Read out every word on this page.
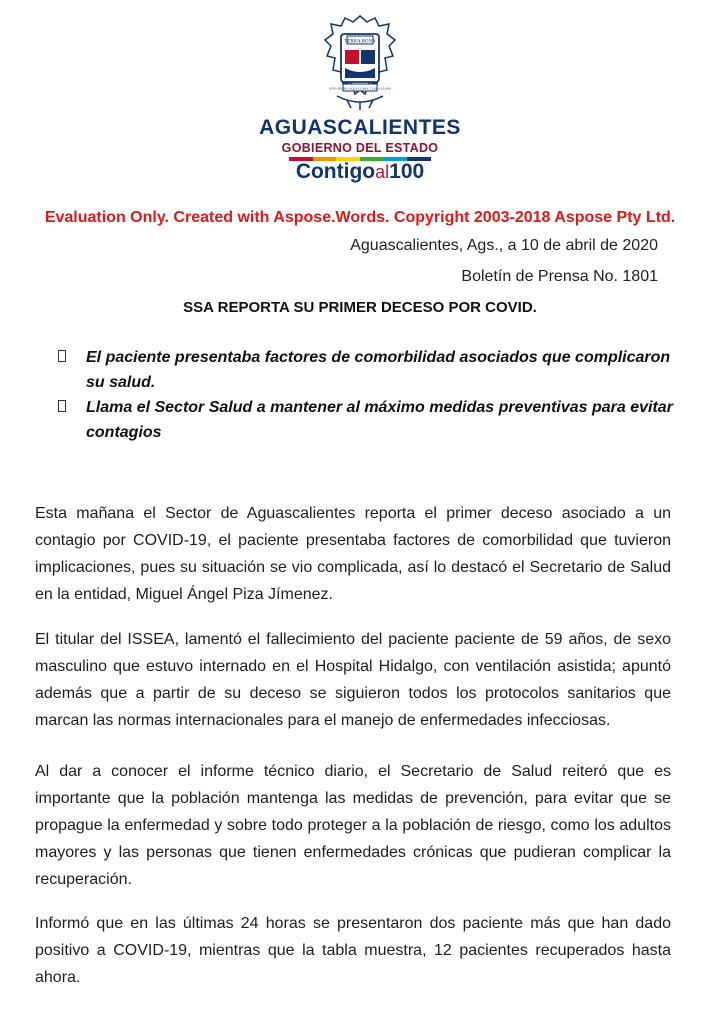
TERRA BONA
GENS PROBA, AQUA CLARA, CLARA CLARA
AGUASCALIENTES
GOBIERNO DEL ESTADO
Contigoal100
Evaluation Only. Created with Aspose.Words. Copyright 2003-2018 Aspose Pty Ltd.
Aguascalientes, Ags., a 10 de abril de 2020
Boletín de Prensa No. 1801
SSA REPORTA SU PRIMER DECESO POR COVID.
El paciente presentaba factores de comorbilidad asociados que complicaron su salud.
Llama el Sector Salud a mantener al máximo medidas preventivas para evitar contagios
Esta mañana el Sector de Aguascalientes reporta el primer deceso asociado a un contagio por COVID-19, el paciente presentaba factores de comorbilidad que tuvieron implicaciones, pues su situación se vio complicada, así lo destacó el Secretario de Salud en la entidad, Miguel Ángel Piza Jímenez.
El titular del ISSEA, lamentó el fallecimiento del paciente paciente de 59 años, de sexo masculino que estuvo internado en el Hospital Hidalgo, con ventilación asistida; apuntó además que a partir de su deceso se siguieron todos los protocolos sanitarios que marcan las normas internacionales para el manejo de enfermedades infecciosas.
Al dar a conocer el informe técnico diario, el Secretario de Salud reiteró que es importante que la población mantenga las medidas de prevención, para evitar que se propague la enfermedad y sobre todo proteger a la población de riesgo, como los adultos mayores y las personas que tienen enfermedades crónicas que pudieran complicar la recuperación.
Informó que en las últimas 24 horas se presentaron dos paciente más que han dado positivo a COVID-19, mientras que la tabla muestra, 12 pacientes recuperados hasta ahora.
